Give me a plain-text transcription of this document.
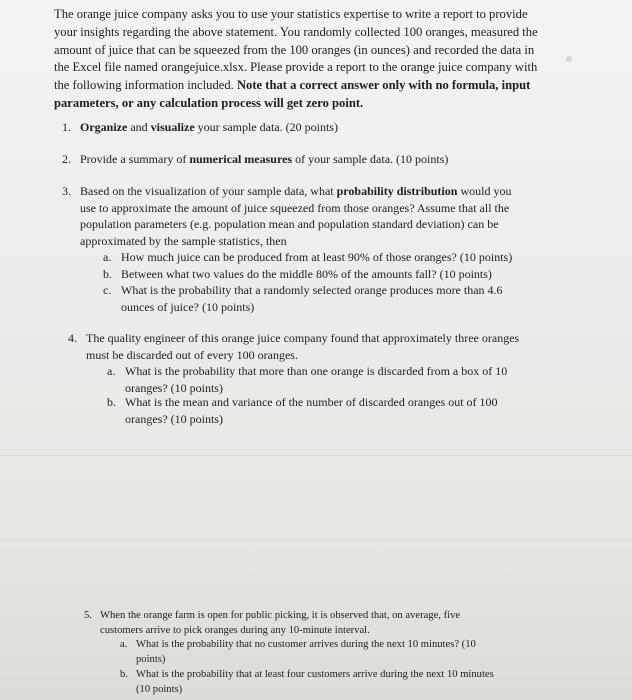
The orange juice company asks you to use your statistics expertise to write a report to provide

your insights regarding the above statement. You randomly collected 100 oranges, measured the

amount of juice that can be squeezed from the 100 oranges (in ounces) and recorded the data in

the Excel file named orangejuice.xlsx. Please provide a report to the orange juice company with

the following information included. Note that a correct answer only with no formula, input

parameters, or any calculation process will get zero point.

1. Organize and visualize your sample data. (20 points)
2. Provide a summary of numerical measures of your sample data. (10 points)
3. Based on the visualization of your sample data, what probability distribution would you
use to approximate the amount of juice squeezed from those oranges? Assume that all the
population parameters (e.g. population mean and population standard deviation) can be
approximated by the sample statistics, then
a. How much juice can be produced from at least 90% of those oranges? (10 points)
b. Between what two values do the middle 80% of the amounts fall? (10 points)
c. What is the probability that a randomly selected orange produces more than 4.6
ounces of juice? (10 points)
4. The quality engineer of this orange juice company found that approximately three oranges
must be discarded out of every 100 oranges.
a. What is the probability that more than one orange is discarded from a box of 10
oranges? (10 points)
b. What is the mean and variance of the number of discarded oranges out of 100
oranges? (10 points)
5. When the orange farm is open for public picking, it is observed that, on average, five
customers arrive to pick oranges during any 10-minute interval.
a. What is the probability that no customer arrives during the next 10 minutes? (10
points)
b. What is the probability that at least four customers arrive during the next 10 minutes
(10 points)
